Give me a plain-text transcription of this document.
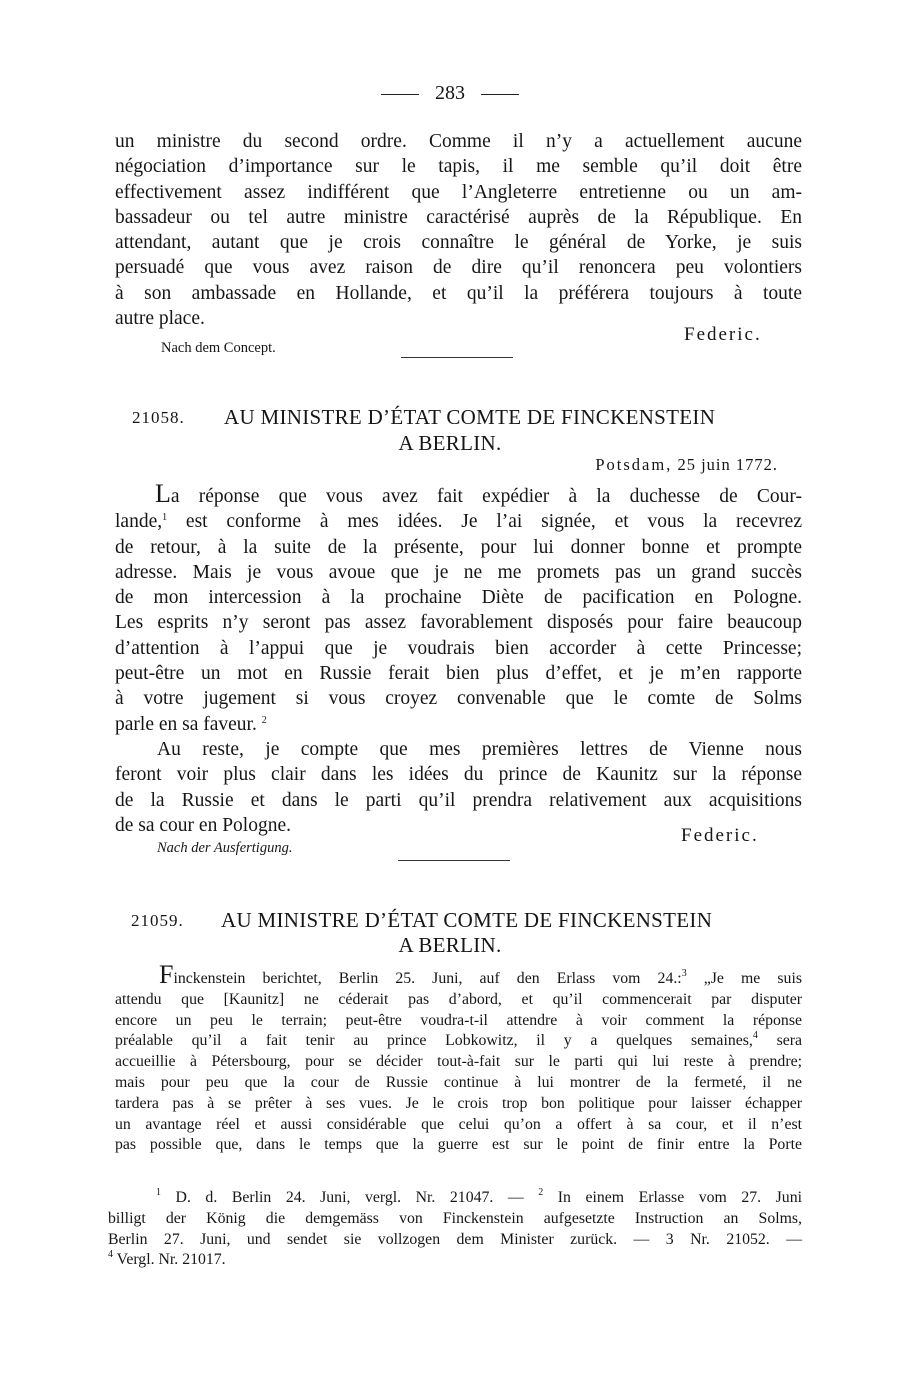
283
un ministre du second ordre. Comme il n’y a actuellement aucune
négociation d’importance sur le tapis, il me semble qu’il doit être
effectivement assez indifférent que l’Angleterre entretienne ou un am-
bassadeur ou tel autre ministre caractérisé auprès de la République. En
attendant, autant que je crois connaître le général de Yorke, je suis
persuadé que vous avez raison de dire qu’il renoncera peu volontiers
à son ambassade en Hollande, et qu’il la préférera toujours à toute
autre place.
Federic.
Nach dem Concept.
21058. AU MINISTRE D’ÉTAT COMTE DE FINCKENSTEIN
A BERLIN.
Potsdam, 25 juin 1772.
La réponse que vous avez fait expédier à la duchesse de Cour-
lande,$^1$ est conforme à mes idées. Je l’ai signée, et vous la recevrez
de retour, à la suite de la présente, pour lui donner bonne et prompte
adresse. Mais je vous avoue que je ne me promets pas un grand succès
de mon intercession à la prochaine Diète de pacification en Pologne.
Les esprits n’y seront pas assez favorablement disposés pour faire beaucoup
d’attention à l’appui que je voudrais bien accorder à cette Princesse;
peut-être un mot en Russie ferait bien plus d’effet, et je m’en rapporte
à votre jugement si vous croyez convenable que le comte de Solms
parle en sa faveur. $^2$
Au reste, je compte que mes premières lettres de Vienne nous
feront voir plus clair dans les idées du prince de Kaunitz sur la réponse
de la Russie et dans le parti qu’il prendra relativement aux acquisitions
de sa cour en Pologne.	Federic.
Nach der Ausfertigung.
21059. AU MINISTRE D’ÉTAT COMTE DE FINCKENSTEIN
A BERLIN.
Finckenstein berichtet, Berlin 25. Juni, auf den Erlass vom 24.:$^3$ „Je me suis
attendu que [Kaunitz] ne céderait pas d’abord, et qu’il commencerait par disputer
encore un peu le terrain; peut-être voudra-t-il attendre à voir comment la réponse
préalable qu’il a fait tenir au prince Lobkowitz, il y a quelques semaines,$^4$ sera
accueillie à Pétersbourg, pour se décider tout-à-fait sur le parti qui lui reste à prendre;
mais pour peu que la cour de Russie continue à lui montrer de la fermeté, il ne
tardera pas à se prêter à ses vues. Je le crois trop bon politique pour laisser échapper
un avantage réel et aussi considérable que celui qu’on a offert à sa cour, et il n’est
pas possible que, dans le temps que la guerre est sur le point de finir entre la Porte
$^1$ D. d. Berlin 24. Juni, vergl. Nr. 21047. — $^2$ In einem Erlasse vom 27. Juni
billigt der König die demgemäss von Finckenstein aufgesetzte Instruction an Solms,
Berlin 27. Juni, und sendet sie vollzogen dem Minister zurück. — 3 Nr. 21052. —
$^4$ Vergl. Nr. 21017.
